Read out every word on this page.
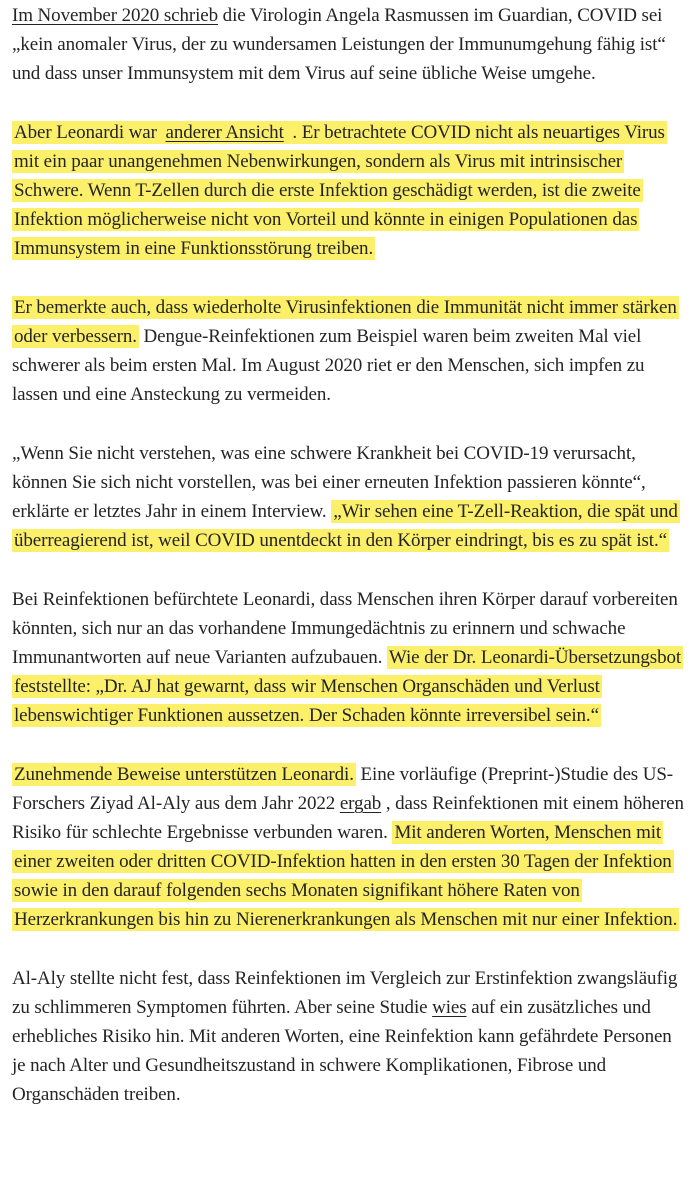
Im November 2020 schrieb die Virologin Angela Rasmussen im Guardian, COVID sei „kein anomaler Virus, der zu wundersamen Leistungen der Immunumgehung fähig ist“ und dass unser Immunsystem mit dem Virus auf seine übliche Weise umgehe.

Aber Leonardi war anderer Ansicht . Er betrachtete COVID nicht als neuartiges Virus mit ein paar unangenehmen Nebenwirkungen, sondern als Virus mit intrinsischer Schwere. Wenn T-Zellen durch die erste Infektion geschädigt werden, ist die zweite Infektion möglicherweise nicht von Vorteil und könnte in einigen Populationen das Immunsystem in eine Funktionsstörung treiben.

Er bemerkte auch, dass wiederholte Virusinfektionen die Immunität nicht immer stärken oder verbessern. Dengue-Reinfektionen zum Beispiel waren beim zweiten Mal viel schwerer als beim ersten Mal. Im August 2020 riet er den Menschen, sich impfen zu lassen und eine Ansteckung zu vermeiden.

„Wenn Sie nicht verstehen, was eine schwere Krankheit bei COVID-19 verursacht, können Sie sich nicht vorstellen, was bei einer erneuten Infektion passieren könnte“, erklärte er letztes Jahr in einem Interview. „Wir sehen eine T-Zell-Reaktion, die spät und überreagierend ist, weil COVID unentdeckt in den Körper eindringt, bis es zu spät ist.“

Bei Reinfektionen befürchtete Leonardi, dass Menschen ihren Körper darauf vorbereiten könnten, sich nur an das vorhandene Immungedächtnis zu erinnern und schwache Immunantworten auf neue Varianten aufzubauen. Wie der Dr. Leonardi-Übersetzungsbot feststellte: „Dr. AJ hat gewarnt, dass wir Menschen Organschäden und Verlust lebenswichtiger Funktionen aussetzen. Der Schaden könnte irreversibel sein.“

Zunehmende Beweise unterstützen Leonardi. Eine vorläufige (Preprint-)Studie des US-Forschers Ziyad Al-Aly aus dem Jahr 2022 ergab , dass Reinfektionen mit einem höheren Risiko für schlechte Ergebnisse verbunden waren. Mit anderen Worten, Menschen mit einer zweiten oder dritten COVID-Infektion hatten in den ersten 30 Tagen der Infektion sowie in den darauf folgenden sechs Monaten signifikant höhere Raten von Herzerkrankungen bis hin zu Nierenerkrankungen als Menschen mit nur einer Infektion.

Al-Aly stellte nicht fest, dass Reinfektionen im Vergleich zur Erstinfektion zwangsläufig zu schlimmeren Symptomen führten. Aber seine Studie wies auf ein zusätzliches und erhebliches Risiko hin. Mit anderen Worten, eine Reinfektion kann gefährdete Personen je nach Alter und Gesundheitszustand in schwere Komplikationen, Fibrose und Organschäden treiben.
